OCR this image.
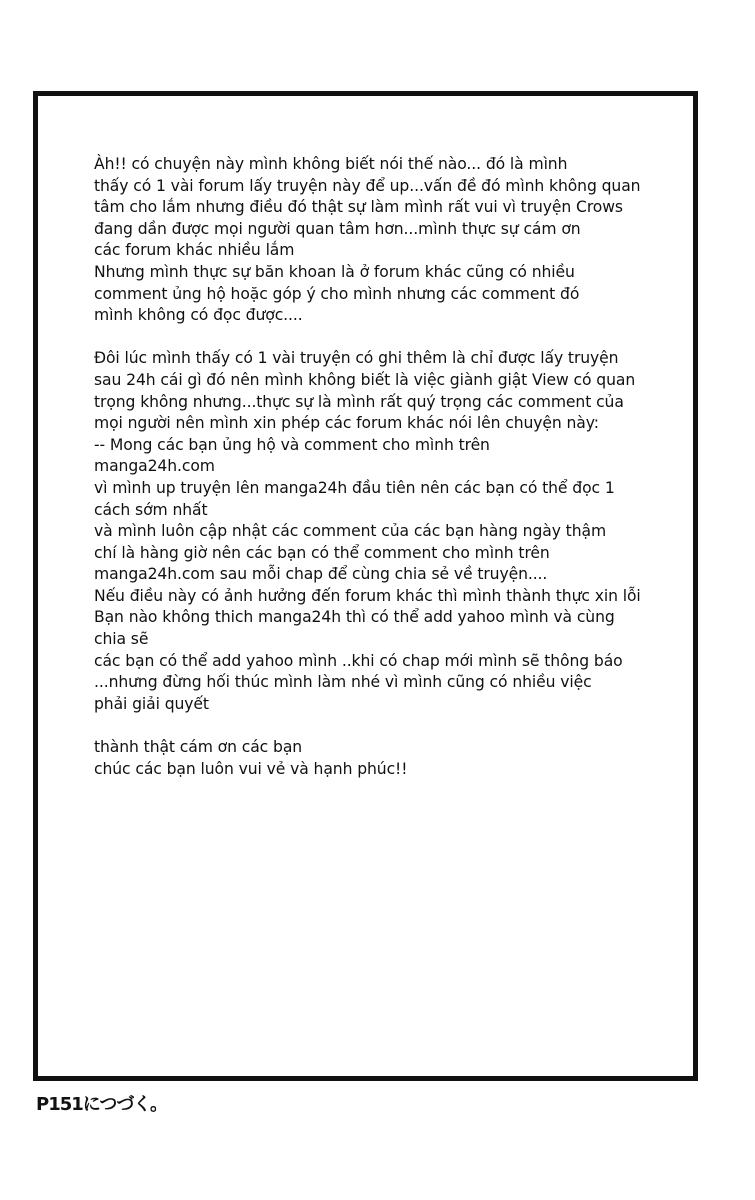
Àh!! có chuyện này mình không biết nói thế nào... đó là mình
thấy có 1 vài forum lấy truyện này để up...vấn đề đó mình không quan
tâm cho lắm nhưng điều đó thật sự làm mình rất vui vì truyện Crows
đang dần được mọi người quan tâm hơn...mình thực sự cám ơn
các forum khác nhiều lắm
Nhưng mình thực sự băn khoan là ở forum khác cũng có nhiều
comment ủng hộ hoặc góp ý cho mình nhưng các comment đó
mình không có đọc được....
Đôi lúc mình thấy có 1 vài truyện có ghi thêm là chỉ được lấy truyện
sau 24h cái gì đó nên mình không biết là việc giành giật View có quan
trọng không nhưng...thực sự là mình rất quý trọng các comment của
mọi người nên mình xin phép các forum khác nói lên chuyện này:
-- Mong các bạn ủng hộ và comment cho mình trên
manga24h.com
vì mình up truyện lên manga24h đầu tiên nên các bạn có thể đọc 1
cách sớm nhất
và mình luôn cập nhật các comment của các bạn hàng ngày thậm
chí là hàng giờ nên các bạn có thể comment cho mình trên
manga24h.com sau mỗi chap để cùng chia sẻ về truyện....
Nếu điều này có ảnh hưởng đến forum khác thì mình thành thực xin lỗi
Bạn nào không thich manga24h thì có thể add yahoo mình và cùng
chia sẽ
các bạn có thể add yahoo mình ..khi có chap mới mình sẽ thông báo
...nhưng đừng hối thúc mình làm nhé vì mình cũng có nhiều việc
phải giải quyết
thành thật cám ơn các bạn
chúc các bạn luôn vui vẻ và hạnh phúc!!
P151につづく。
